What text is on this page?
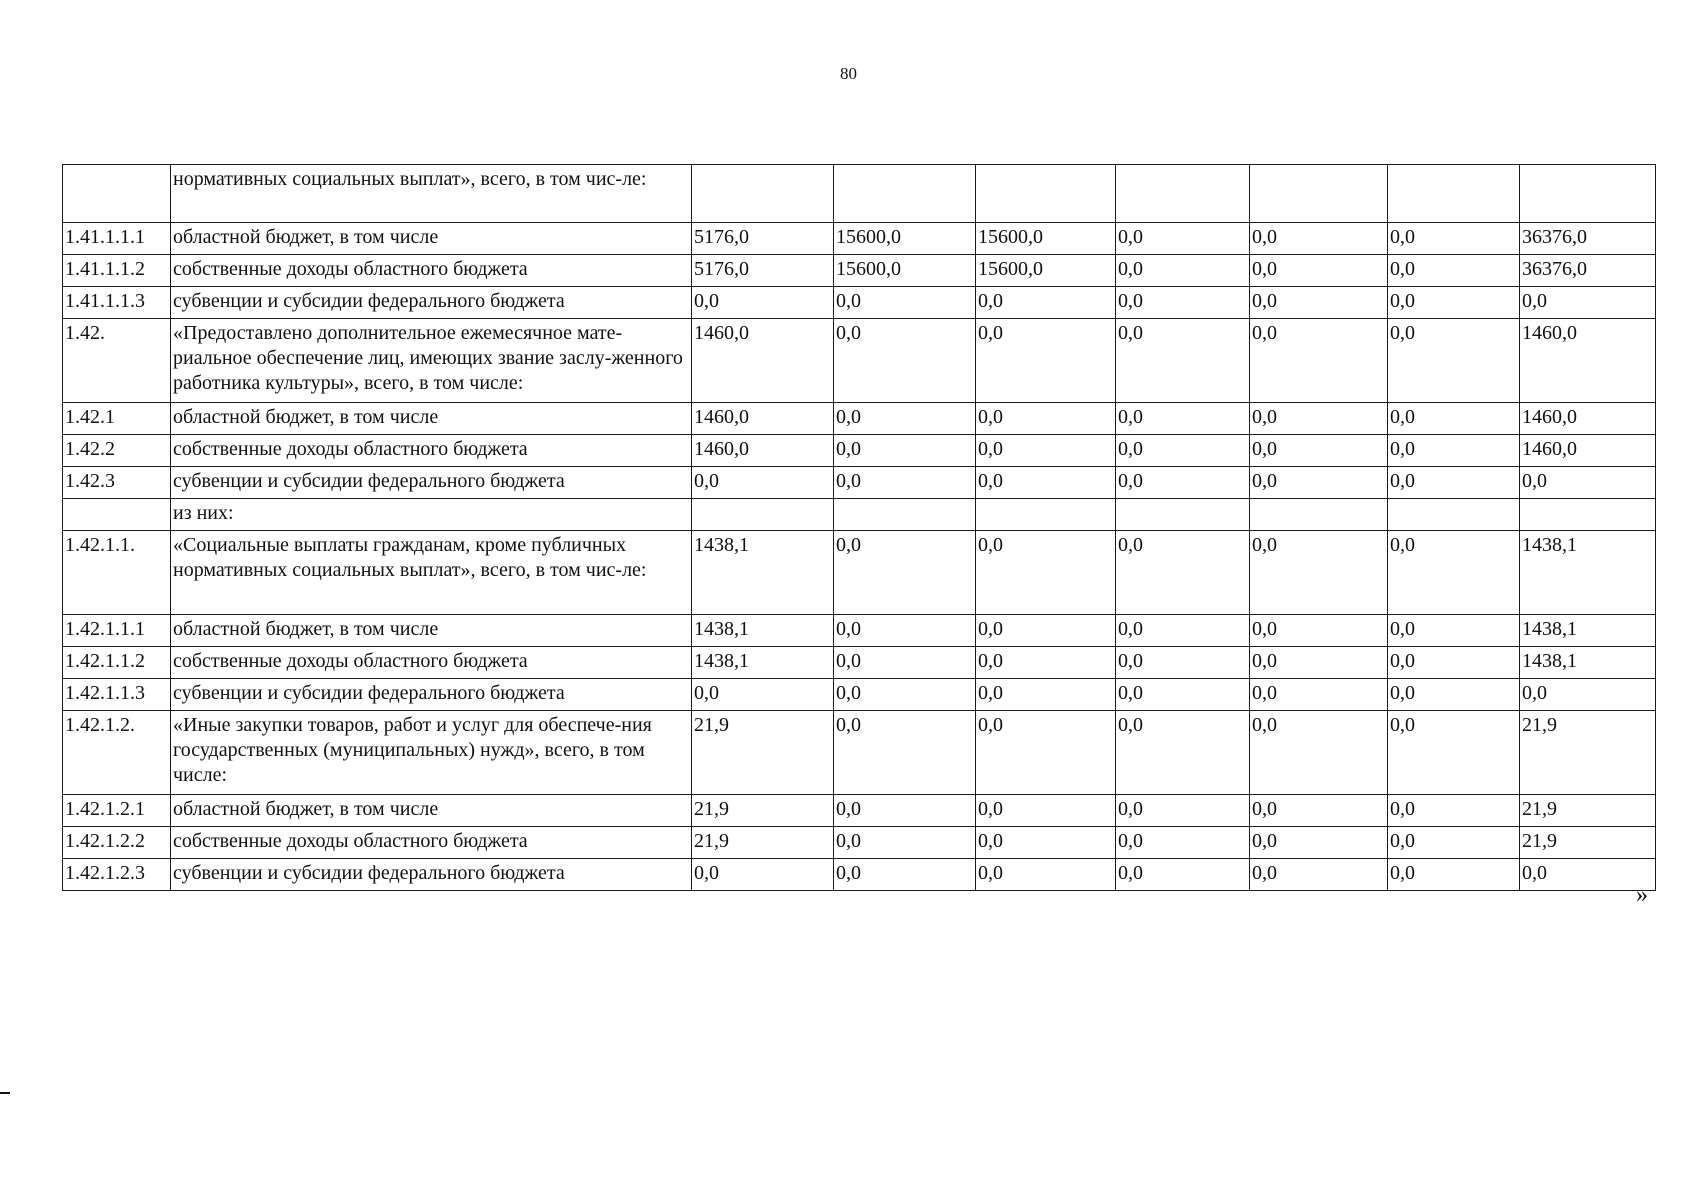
80
	нормативных социальных выплат», всего, в том чис-ле:							
1.41.1.1.1	областной бюджет, в том числе	5176,0	15600,0	15600,0	0,0	0,0	0,0	36376,0
1.41.1.1.2	собственные доходы областного бюджета	5176,0	15600,0	15600,0	0,0	0,0	0,0	36376,0
1.41.1.1.3	субвенции и субсидии федерального бюджета	0,0	0,0	0,0	0,0	0,0	0,0	0,0
1.42.	«Предоставлено дополнительное ежемесячное мате-риальное обеспечение лиц, имеющих звание заслу-женного работника культуры», всего, в том числе:	1460,0	0,0	0,0	0,0	0,0	0,0	1460,0
1.42.1	областной бюджет, в том числе	1460,0	0,0	0,0	0,0	0,0	0,0	1460,0
1.42.2	собственные доходы областного бюджета	1460,0	0,0	0,0	0,0	0,0	0,0	1460,0
1.42.3	субвенции и субсидии федерального бюджета	0,0	0,0	0,0	0,0	0,0	0,0	0,0
	из них:							
1.42.1.1.	«Социальные выплаты гражданам, кроме публичных нормативных социальных выплат», всего, в том чис-ле:	1438,1	0,0	0,0	0,0	0,0	0,0	1438,1
1.42.1.1.1	областной бюджет, в том числе	1438,1	0,0	0,0	0,0	0,0	0,0	1438,1
1.42.1.1.2	собственные доходы областного бюджета	1438,1	0,0	0,0	0,0	0,0	0,0	1438,1
1.42.1.1.3	субвенции и субсидии федерального бюджета	0,0	0,0	0,0	0,0	0,0	0,0	0,0
1.42.1.2.	«Иные закупки товаров, работ и услуг для обеспече-ния государственных (муниципальных) нужд», всего, в том числе:	21,9	0,0	0,0	0,0	0,0	0,0	21,9
1.42.1.2.1	областной бюджет, в том числе	21,9	0,0	0,0	0,0	0,0	0,0	21,9
1.42.1.2.2	собственные доходы областного бюджета	21,9	0,0	0,0	0,0	0,0	0,0	21,9
1.42.1.2.3	субвенции и субсидии федерального бюджета	0,0	0,0	0,0	0,0	0,0	0,0	0,0
»
